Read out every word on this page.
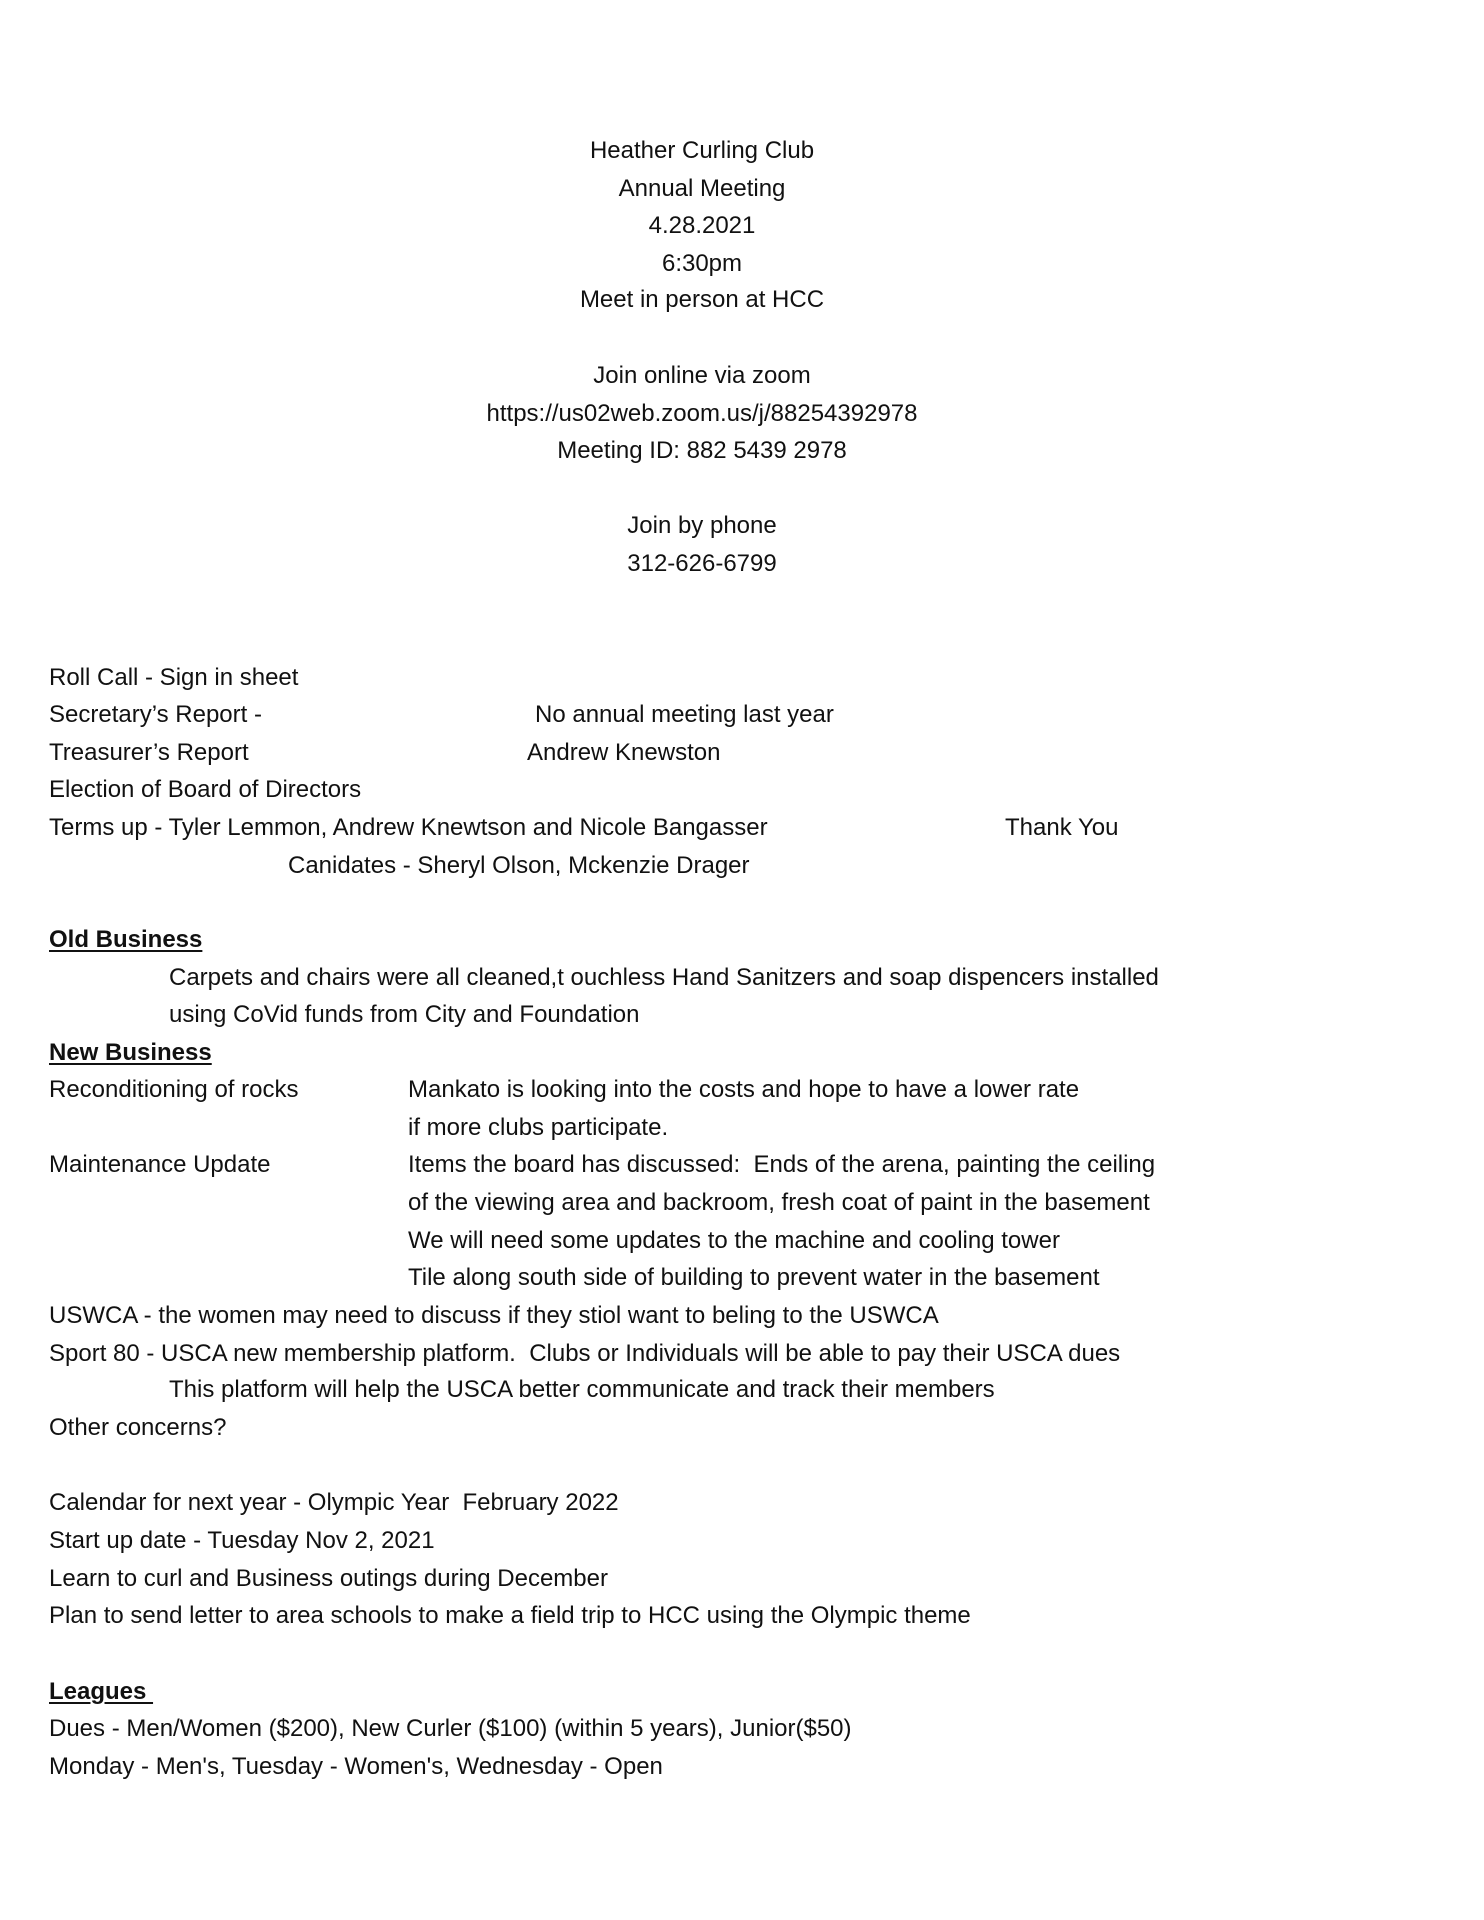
Heather Curling Club
Annual Meeting
4.28.2021
6:30pm
Meet in person at HCC
Join online via zoom
https://us02web.zoom.us/j/88254392978
Meeting ID: 882 5439 2978
Join by phone
312-626-6799
Roll Call - Sign in sheet
Secretary’s Report -	No annual meeting last year
Treasurer’s Report	Andrew Knewston
Election of Board of Directors
Terms up - Tyler Lemmon, Andrew Knewtson and Nicole Bangasser	Thank You
Canidates - Sheryl Olson, Mckenzie Drager
Old Business
Carpets and chairs were all cleaned,t ouchless Hand Sanitzers and soap dispencers installed
using CoVid funds from City and Foundation
New Business
Reconditioning of rocks	Mankato is looking into the costs and hope to have a lower rate
if more clubs participate.
Maintenance Update	Items the board has discussed:  Ends of the arena, painting the ceiling
of the viewing area and backroom, fresh coat of paint in the basement
We will need some updates to the machine and cooling tower
Tile along south side of building to prevent water in the basement
USWCA - the women may need to discuss if they stiol want to beling to the USWCA
Sport 80 - USCA new membership platform.  Clubs or Individuals will be able to pay their USCA dues
This platform will help the USCA better communicate and track their members
Other concerns?
Calendar for next year - Olympic Year  February 2022
Start up date - Tuesday Nov 2, 2021
Learn to curl and Business outings during December
Plan to send letter to area schools to make a field trip to HCC using the Olympic theme
Leagues
Dues - Men/Women ($200), New Curler ($100) (within 5 years), Junior($50)
Monday - Men's, Tuesday - Women's, Wednesday - Open
